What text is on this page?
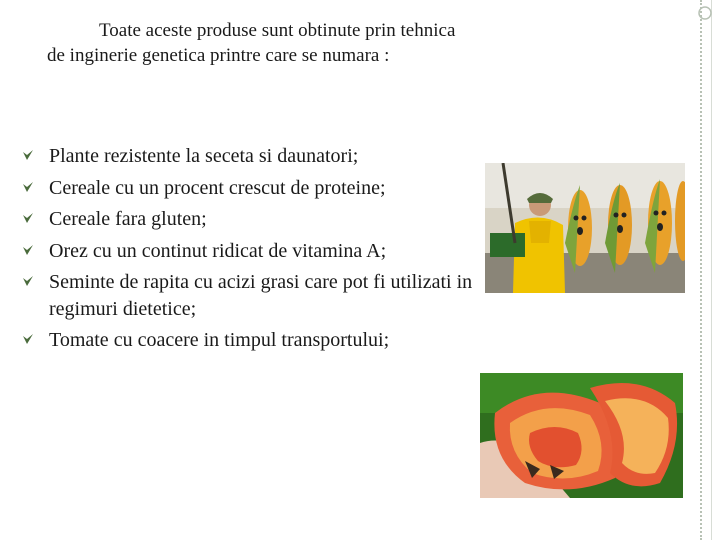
Toate aceste produse sunt obtinute prin tehnica de inginerie genetica printre care se numara :
Plante rezistente la seceta si daunatori;
Cereale cu un procent crescut de proteine;
Cereale fara gluten;
Orez cu un continut ridicat de vitamina A;
Seminte de rapita cu acizi grasi care pot fi utilizati in regimuri dietetice;
Tomate cu coacere in timpul transportului;
